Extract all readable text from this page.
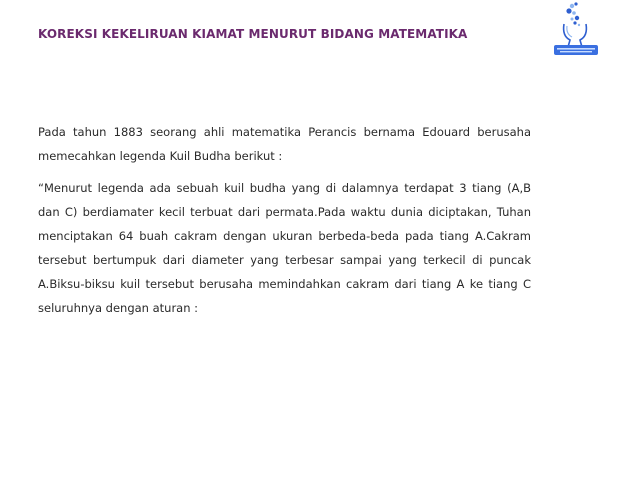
KOREKSI KEKELIRUAN KIAMAT MENURUT BIDANG MATEMATIKA
Pada tahun 1883 seorang ahli matematika Perancis bernama Edouard berusaha
memecahkan legenda Kuil Budha berikut :
“Menurut legenda ada sebuah kuil budha yang di dalamnya terdapat 3 tiang (A,B
dan C) berdiamater kecil terbuat dari permata.Pada waktu dunia diciptakan, Tuhan
menciptakan 64 buah cakram dengan ukuran berbeda-beda pada tiang A.Cakram
tersebut bertumpuk dari diameter yang terbesar sampai yang terkecil di puncak
A.Biksu-biksu kuil tersebut berusaha memindahkan cakram dari tiang A ke tiang C
seluruhnya dengan aturan :
